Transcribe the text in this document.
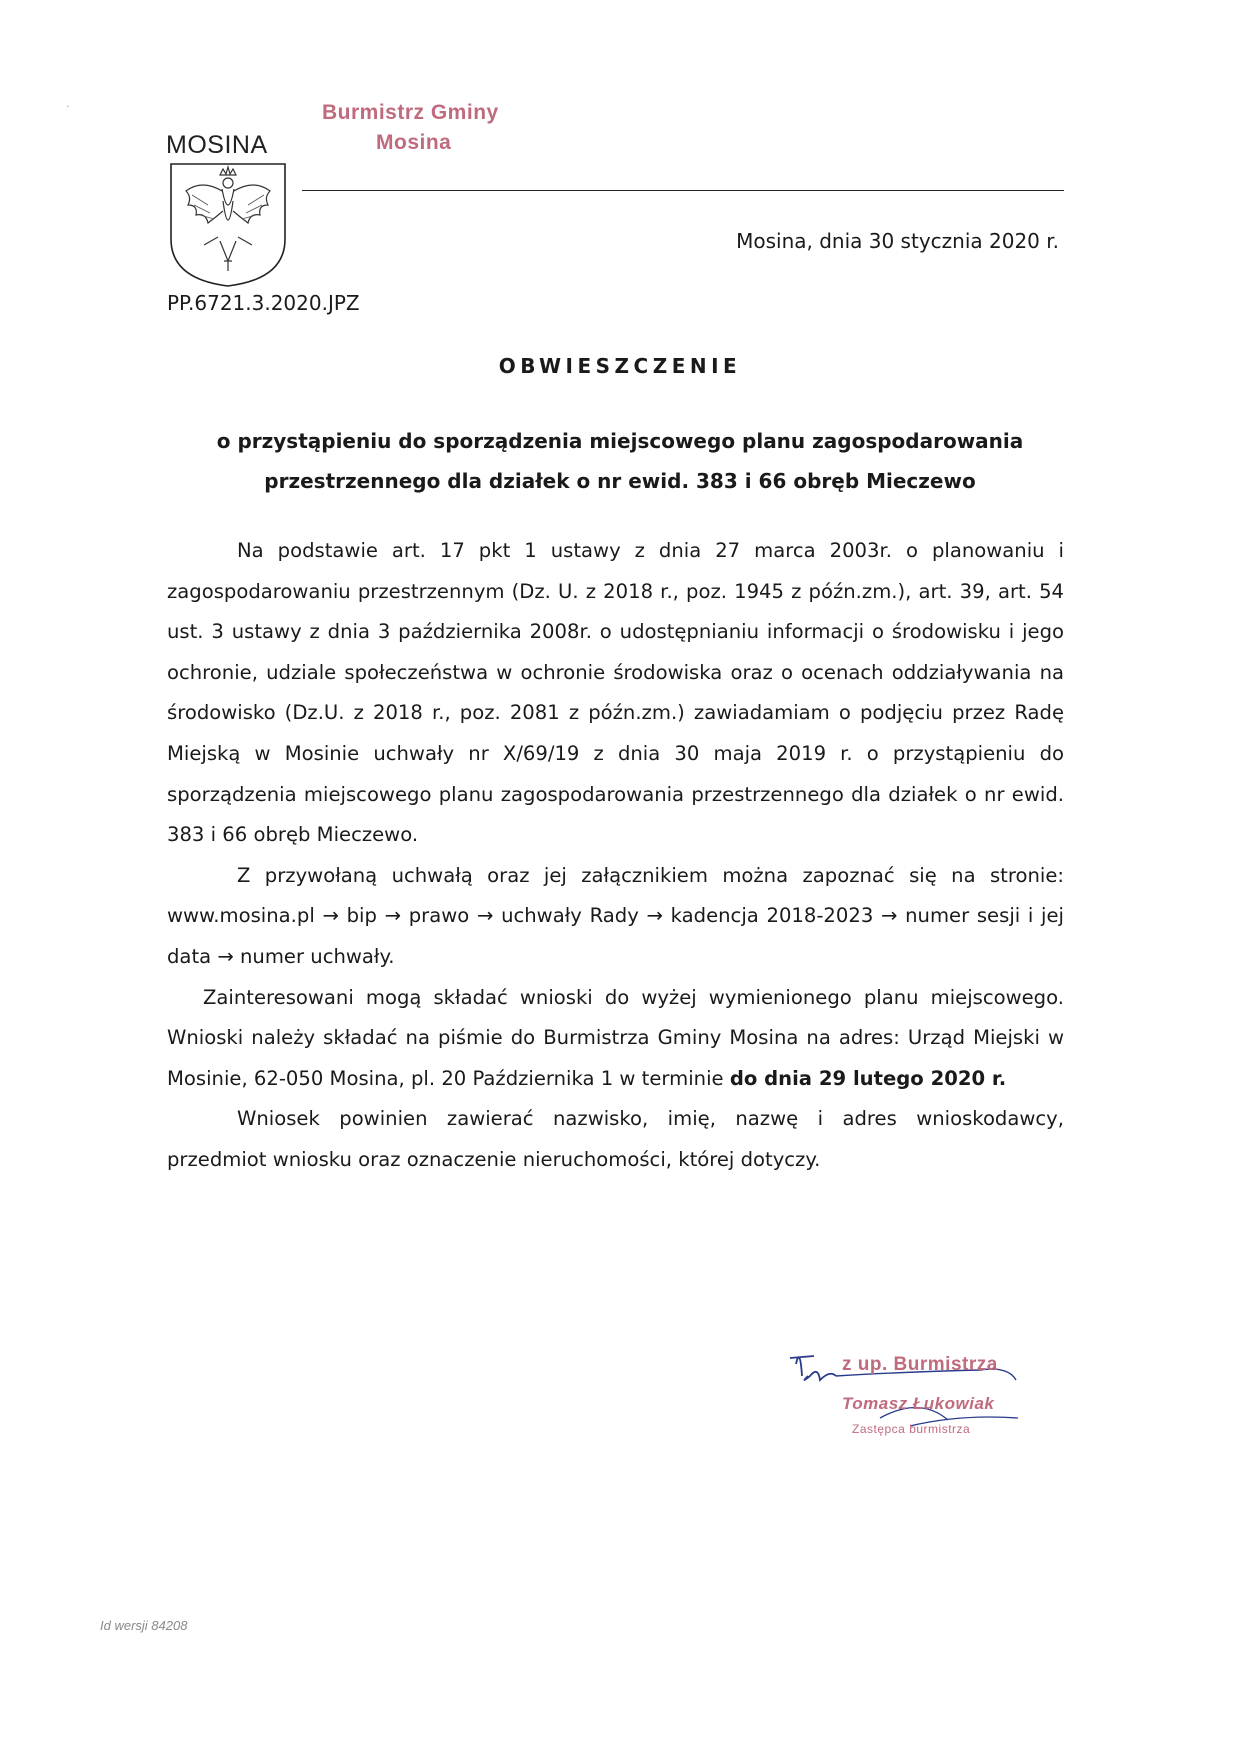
·	Burmistrz Gminy
Mosina
MOSINA
Mosina, dnia 30 stycznia 2020 r.
PP.6721.3.2020.JPZ
OBWIESZCZENIE
o przystąpieniu do sporządzenia miejscowego planu zagospodarowania
przestrzennego dla działek o nr ewid. 383 i 66 obręb Mieczewo

Na podstawie art. 17 pkt 1 ustawy z dnia 27 marca 2003r. o planowaniu i zagospodarowaniu przestrzennym (Dz. U. z 2018 r., poz. 1945 z późn.zm.), art. 39, art. 54 ust. 3 ustawy z dnia 3 października 2008r. o udostępnianiu informacji o środowisku i jego ochronie, udziale społeczeństwa w ochronie środowiska oraz o ocenach oddziaływania na środowisko (Dz.U. z 2018 r., poz. 2081 z późn.zm.) zawiadamiam o podjęciu przez Radę Miejską w Mosinie uchwały nr X/69/19 z dnia 30 maja 2019 r. o przystąpieniu do sporządzenia miejscowego planu zagospodarowania przestrzennego dla działek o nr ewid. 383 i 66 obręb Mieczewo.

Z przywołaną uchwałą oraz jej załącznikiem można zapoznać się na stronie: www.mosina.pl → bip → prawo → uchwały Rady → kadencja 2018-2023 → numer sesji i jej data → numer uchwały.

Zainteresowani mogą składać wnioski do wyżej wymienionego planu miejscowego. Wnioski należy składać na piśmie do Burmistrza Gminy Mosina na adres: Urząd Miejski w Mosinie, 62-050 Mosina, pl. 20 Października 1 w terminie do dnia 29 lutego 2020 r.

Wniosek powinien zawierać nazwisko, imię, nazwę i adres wnioskodawcy, przedmiot wniosku oraz oznaczenie nieruchomości, której dotyczy.

z up. Burmistrza
Tomasz Łukowiak
Zastępca burmistrza
Id wersji 84208
